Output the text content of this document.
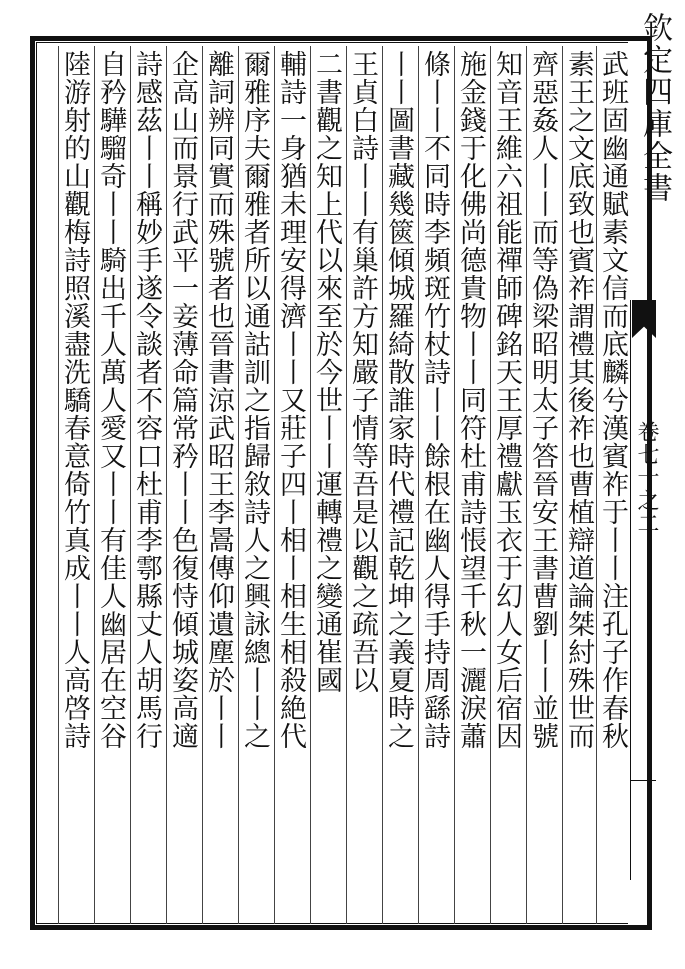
欽定四庫全書
卷七十之二
武班固幽通賦素文信而底麟兮漢賓祚于丨丨注孔子作春秋
素王之文底致也賓祚謂禮其後祚也曹植辯道論桀紂殊世而
齊惡姦人丨丨而等偽梁昭明太子答晉安王書曹劉丨丨並號
知音王維六祖能禪師碑銘天王厚禮獻玉衣于幻人女后宿因
施金錢于化佛尚德貴物丨丨同符杜甫詩悵望千秋一灑淚蕭
條丨丨不同時李頻斑竹杖詩丨丨餘根在幽人得手持周繇詩
丨丨圖書藏幾篋傾城羅綺散誰家時代禮記乾坤之義夏時之
王貞白詩丨丨有巢許方知嚴子情等吾是以觀之疏吾以
二書觀之知上代以來至於今世丨丨運轉禮之變通崔國
輔詩一身猶未理安得濟丨丨又莊子四丨相丨相生相殺絶代
爾雅序夫爾雅者所以通詁訓之指歸敘詩人之興詠總丨丨之
離詞辨同實而殊號者也晉書涼武昭王李暠傳仰遺塵於丨丨
企高山而景行武平一妾薄命篇常矜丨丨色復恃傾城姿高適
詩感茲丨丨稱妙手遂令談者不容口杜甫李鄠縣丈人胡馬行
自矜驊騮奇丨丨騎出千人萬人愛又丨丨有佳人幽居在空谷
陸游射的山觀梅詩照溪盡洗驕春意倚竹真成丨丨人高啓詩
